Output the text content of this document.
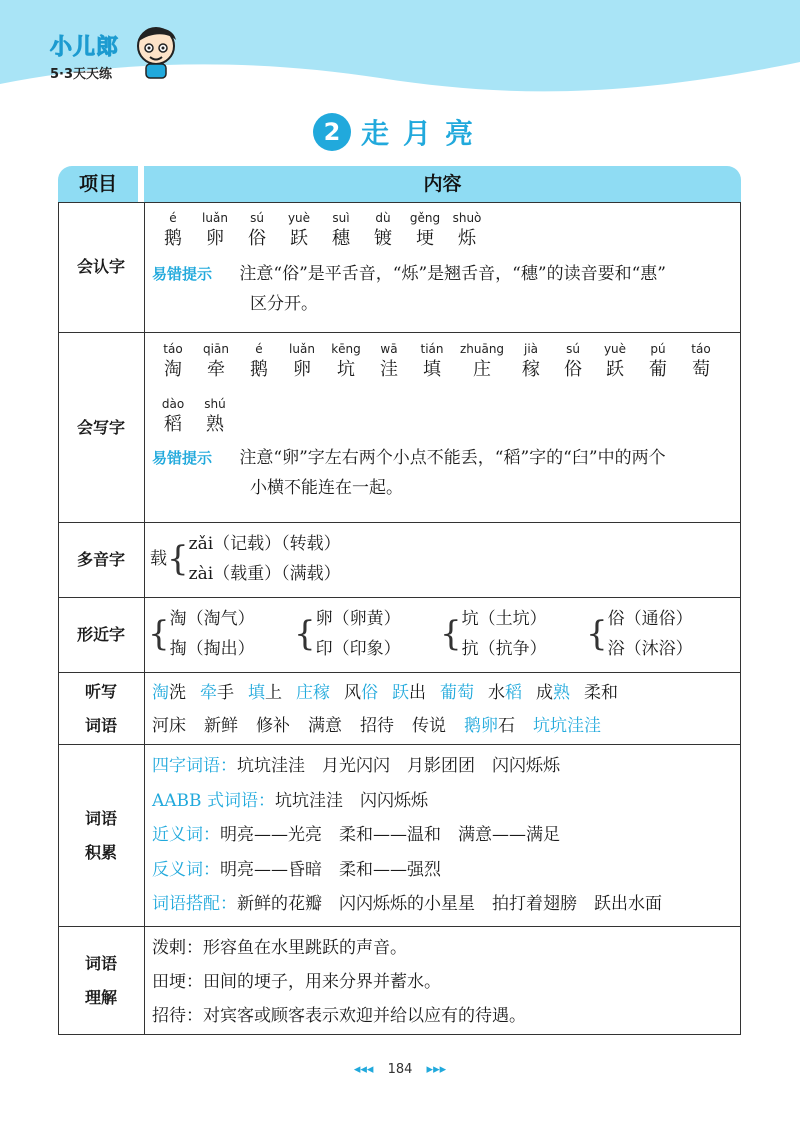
小儿郎
5·3天天练
2 走月亮
项目	内容
会认字
é
鹅
luǎn
卵
sú
俗
yuè
跃
suì
穗
dù
镀
gěng
埂
shuò
烁
易错提示 注意“俗”是平舌音，“烁”是翘舌音，“穗”的读音要和“惠”
区分开。
会写字
táo
淘
qiān
牵
é
鹅
luǎn
卵
kēng
坑
wā
洼
tián
填
zhuāng
庄
jià
稼
sú
俗
yuè
跃
pú
葡
táo
萄
dào
稻
shú
熟
易错提示 注意“卵”字左右两个小点不能丢，“稻”字的“臼”中的两个
小横不能连在一起。
多音字	载{zǎi（记载）（转载）
zài（载重）（满载）
形近字 { 淘（淘气）
掏（掏出） { 卵（卵黄）
印（印象） { 坑（土坑）
抗（抗争） { 俗（通俗）
浴（沐浴）
听写
词语
淘洗 牵手 填上 庄稼 风俗 跃出 葡萄 水稻 成熟 柔和
河床 新鲜 修补 满意 招待 传说 鹅卵石 坑坑洼洼
词语
积累
四字词语：坑坑洼洼　月光闪闪　月影团团　闪闪烁烁
AABB 式词语：坑坑洼洼　闪闪烁烁
近义词：明亮——光亮　柔和——温和　满意——满足
反义词：明亮——昏暗　柔和——强烈
词语搭配：新鲜的花瓣　闪闪烁烁的小星星　拍打着翅膀　跃出水面
词语
理解
泼剌：形容鱼在水里跳跃的声音。
田埂：田间的埂子，用来分界并蓄水。
招待：对宾客或顾客表示欢迎并给以应有的待遇。
◂◂◂ 184 ▸▸▸
